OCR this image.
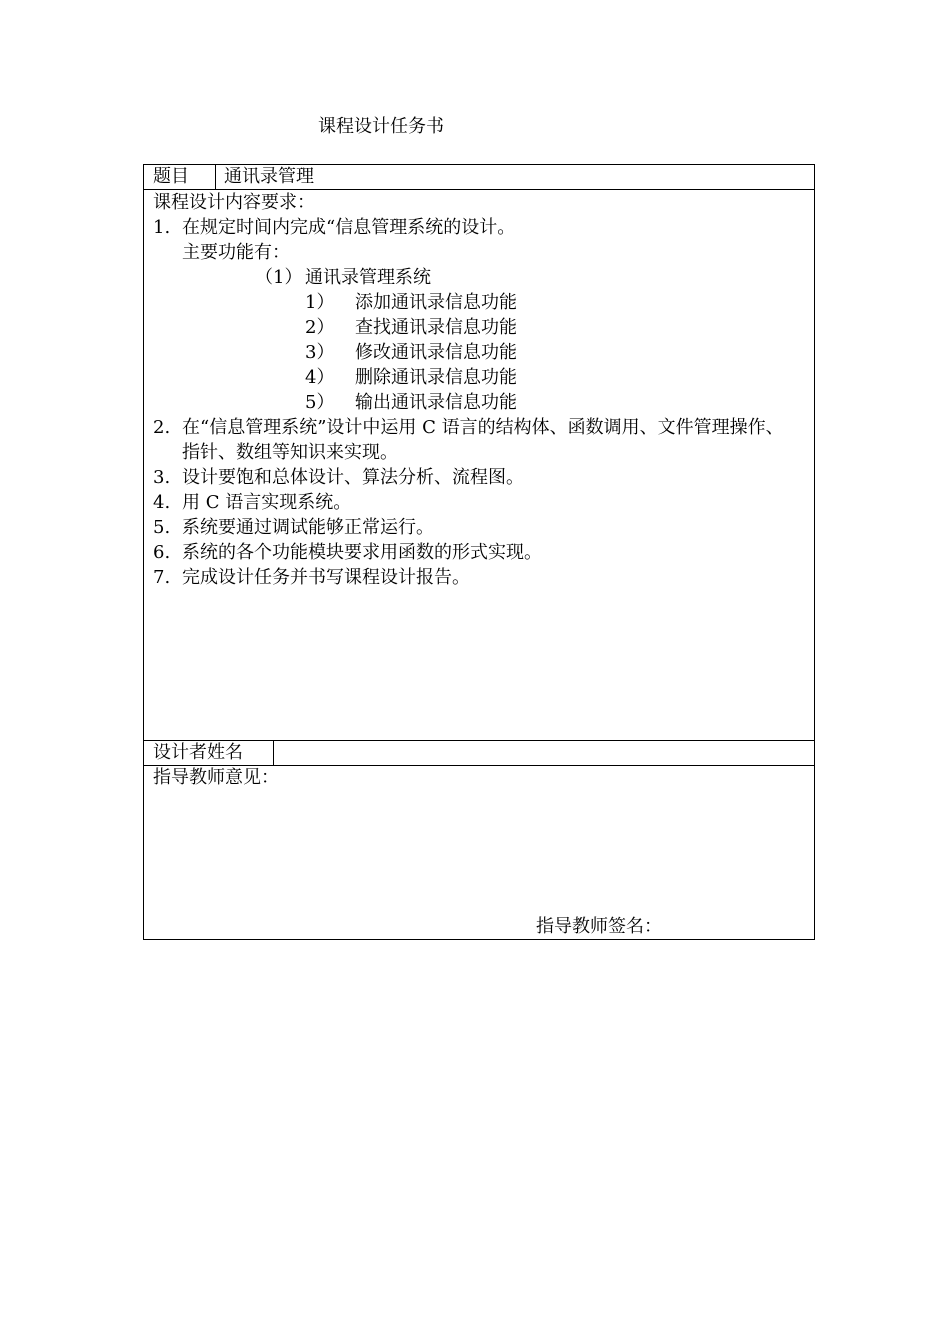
课程设计任务书
题目 通讯录管理
课程设计内容要求：
1. 在规定时间内完成“信息管理系统的设计。
主要功能有：
（1） 通讯录管理系统
1） 添加通讯录信息功能
2） 查找通讯录信息功能
3） 修改通讯录信息功能
4） 删除通讯录信息功能
5） 输出通讯录信息功能
2. 在“信息管理系统”设计中运用 C 语言的结构体、函数调用、文件管理操作、
指针、数组等知识来实现。
3. 设计要饱和总体设计、算法分析、流程图。
4. 用 C 语言实现系统。
5. 系统要通过调试能够正常运行。
6. 系统的各个功能模块要求用函数的形式实现。
7. 完成设计任务并书写课程设计报告。
设计者姓名
指导教师意见：
指导教师签名：
